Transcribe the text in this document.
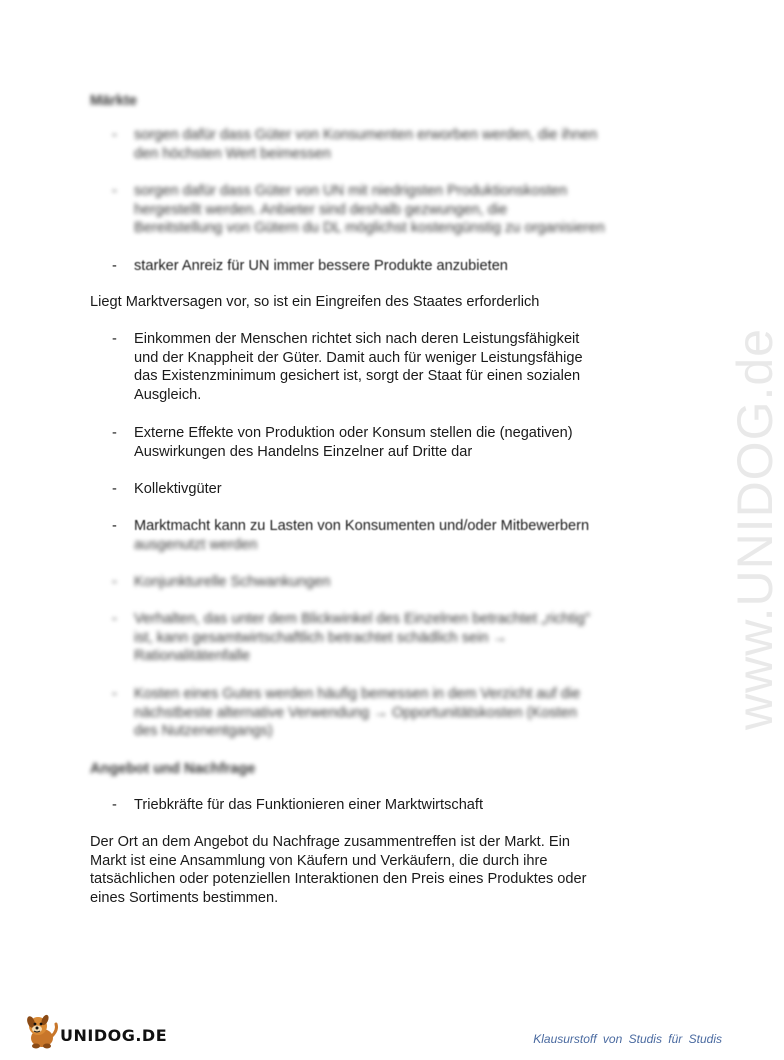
www.UNIDOG.de
Märkte
- sorgen dafür dass Güter von Konsumenten erworben werden, die ihnen
den höchsten Wert beimessen
- sorgen dafür dass Güter von UN mit niedrigsten Produktionskosten
hergestellt werden. Anbieter sind deshalb gezwungen, die
Bereitstellung von Gütern du DL möglichst kostengünstig zu organisieren
- starker Anreiz für UN immer bessere Produkte anzubieten
Liegt Marktversagen vor, so ist ein Eingreifen des Staates erforderlich
- Einkommen der Menschen richtet sich nach deren Leistungsfähigkeit
und der Knappheit der Güter. Damit auch für weniger Leistungsfähige
das Existenzminimum gesichert ist, sorgt der Staat für einen sozialen
Ausgleich.
- Externe Effekte von Produktion oder Konsum stellen die (negativen)
Auswirkungen des Handelns Einzelner auf Dritte dar
- Kollektivgüter
- Marktmacht kann zu Lasten von Konsumenten und/oder Mitbewerbern
ausgenutzt werden
- Konjunkturelle Schwankungen
- Verhalten, das unter dem Blickwinkel des Einzelnen betrachtet „richtig"
ist, kann gesamtwirtschaftlich betrachtet schädlich sein →
Rationalitätenfalle
- Kosten eines Gutes werden häufig bemessen in dem Verzicht auf die
nächstbeste alternative Verwendung → Opportunitätskosten (Kosten
des Nutzenentgangs)
Angebot und Nachfrage
- Triebkräfte für das Funktionieren einer Marktwirtschaft
Der Ort an dem Angebot du Nachfrage zusammentreffen ist der Markt. Ein
Markt ist eine Ansammlung von Käufern und Verkäufern, die durch ihre
tatsächlichen oder potenziellen Interaktionen den Preis eines Produktes oder
eines Sortiments bestimmen.
UNIDOG.DE	Klausurstoff von Studis für Studis
